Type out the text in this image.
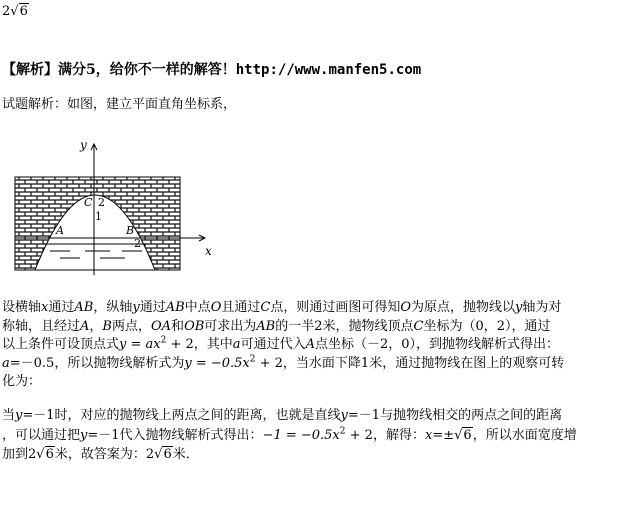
2√6
【解析】满分5，给你不一样的解答！http://www.manfen5.com
试题解析：如图，建立平面直角坐标系，
y
x
C 2
1
A	B
2
设横轴x通过AB，纵轴y通过AB中点O且通过C点，则通过画图可得知O为原点，抛物线以y轴为对
称轴，且经过A，B两点，OA和OB可求出为AB的一半2米，抛物线顶点C坐标为（0，2），通过
以上条件可设顶点式$y = ax^2 + 2$，其中a可通过代入A点坐标（－2，0），到抛物线解析式得出：
a=－0.5，所以抛物线解析式为$y = -0.5x^2 + 2$，当水面下降1米，通过抛物线在图上的观察可转
化为：
当y=－1时，对应的抛物线上两点之间的距离，也就是直线y=－1与抛物线相交的两点之间的距离
，可以通过把y=－1代入抛物线解析式得出：$-1 = -0.5x^2 + 2$，解得：x=±√6，所以水面宽度增
加到2√6米，故答案为：2√6米．
